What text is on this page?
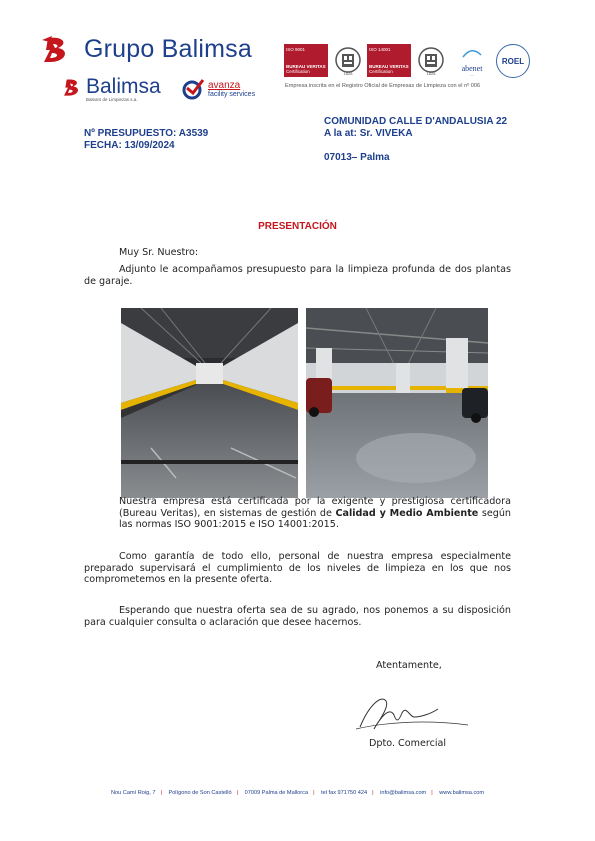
Grupo Balimsa
Balimsa
Balears de Limpiezas s.a.
avanza
facility services
ISO 9001
BUREAU VERITAS
Certification	1828
ISO 14001
BUREAU VERITAS
Certification	1828	abenet
—
ROEL
Empresa inscrita en el Registro Oficial de Empresas de Limpieza con el nº 006
Nº PRESUPUESTO: A3539
FECHA: 13/09/2024
COMUNIDAD CALLE D'ANDALUSIA 22
A la at: Sr. VIVEKA
07013– Palma
PRESENTACIÓN
Muy Sr. Nuestro:
Adjunto le acompañamos presupuesto para la limpieza profunda de dos plantas de garaje.
Nuestra empresa está certificada por la exigente y prestigiosa certificadora (Bureau Veritas), en sistemas de gestión de Calidad y Medio Ambiente según las normas ISO 9001:2015 e ISO 14001:2015.
Como garantía de todo ello, personal de nuestra empresa especialmente preparado supervisará el cumplimiento de los niveles de limpieza en los que nos comprometemos en la presente oferta.
Esperando que nuestra oferta sea de su agrado, nos ponemos a su disposición para cualquier consulta o aclaración que desee hacernos.
Atentamente,
Dpto. Comercial
Nou Camí Roig, 7 | Polígono de Son Castelló | 07009 Palma de Mallorca | tel fax 971750 424 | info@balimsa.com | www.balimsa.com
